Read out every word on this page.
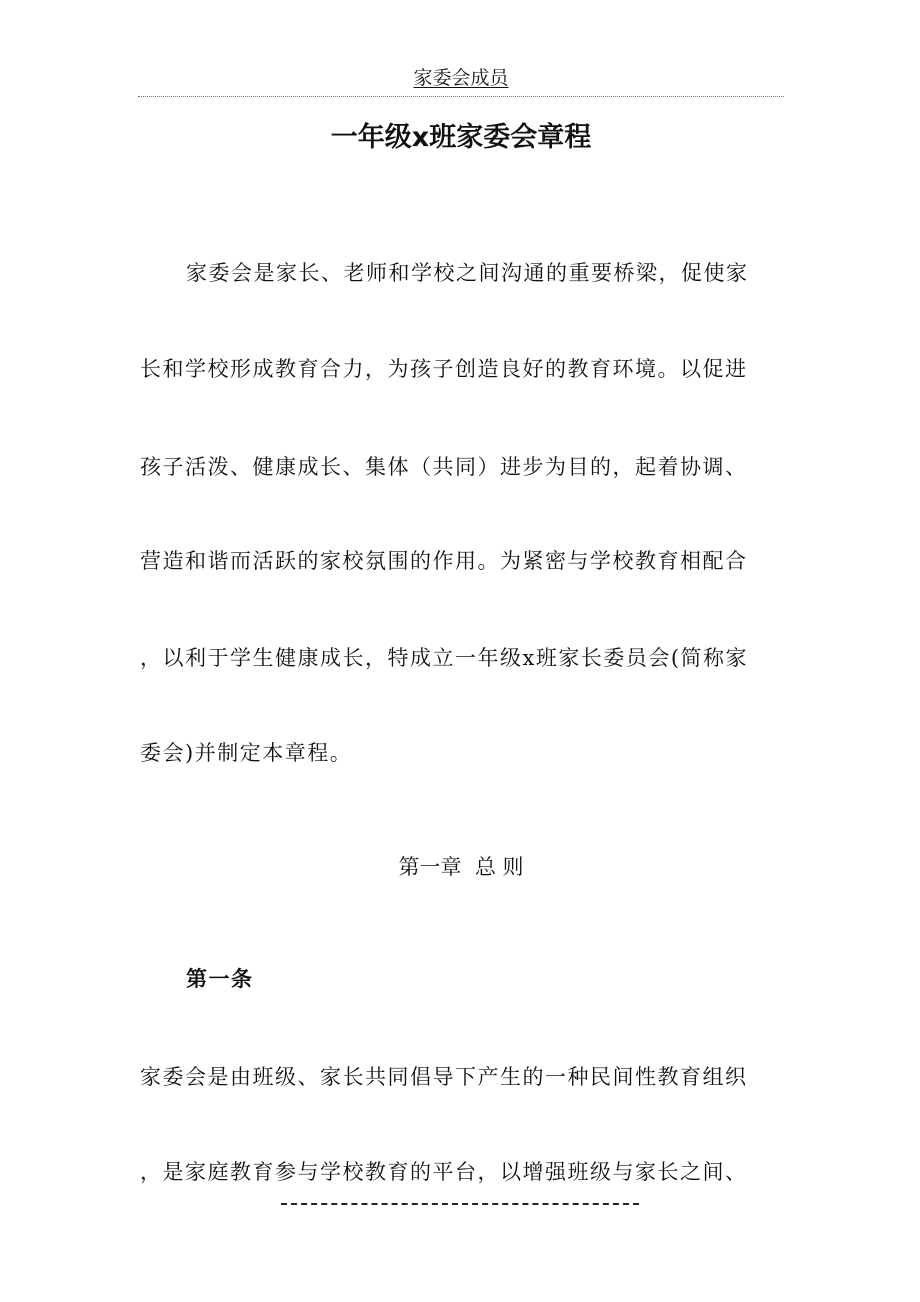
家委会成员
一年级x班家委会章程
家委会是家长、老师和学校之间沟通的重要桥梁，促使家
长和学校形成教育合力，为孩子创造良好的教育环境。以促进
孩子活泼、健康成长、集体（共同）进步为目的，起着协调、
营造和谐而活跃的家校氛围的作用。为紧密与学校教育相配合
，以利于学生健康成长，特成立一年级x班家长委员会(简称家
委会)并制定本章程。
第一章  总 则
第一条
家委会是由班级、家长共同倡导下产生的一种民间性教育组织
，是家庭教育参与学校教育的平台，以增强班级与家长之间、
